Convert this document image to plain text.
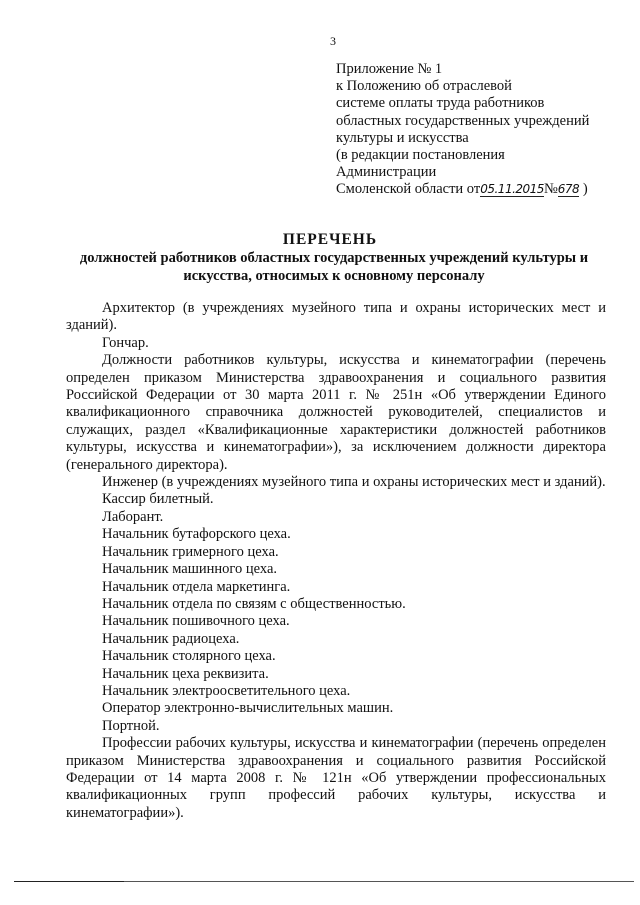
3
Приложение № 1
к Положению об отраслевой
системе оплаты труда работников
областных государственных учреждений
культуры и искусства
(в редакции постановления
Администрации
Смоленской области от05.11.2015№678 )
ПЕРЕЧЕНЬ
должностей работников областных государственных учреждений культуры и искусства, относимых к основному персоналу

Архитектор (в учреждениях музейного типа и охраны исторических мест и зданий).

Гончар.

Должности работников культуры, искусства и кинематографии (перечень определен приказом Министерства здравоохранения и социального развития Российской Федерации от 30 марта 2011 г. № 251н «Об утверждении Единого квалификационного справочника должностей руководителей, специалистов и служащих, раздел «Квалификационные характеристики должностей работников культуры, искусства и кинематографии»), за исключением должности директора (генерального директора).

Инженер (в учреждениях музейного типа и охраны исторических мест и зданий).

Кассир билетный.

Лаборант.

Начальник бутафорского цеха.

Начальник гримерного цеха.

Начальник машинного цеха.

Начальник отдела маркетинга.

Начальник отдела по связям с общественностью.

Начальник пошивочного цеха.

Начальник радиоцеха.

Начальник столярного цеха.

Начальник цеха реквизита.

Начальник электроосветительного цеха.

Оператор электронно-вычислительных машин.

Портной.

Профессии рабочих культуры, искусства и кинематографии (перечень определен приказом Министерства здравоохранения и социального развития Российской Федерации от 14 марта 2008 г. № 121н «Об утверждении профессиональных квалификационных групп профессий рабочих культуры, искусства и кинематографии»).
